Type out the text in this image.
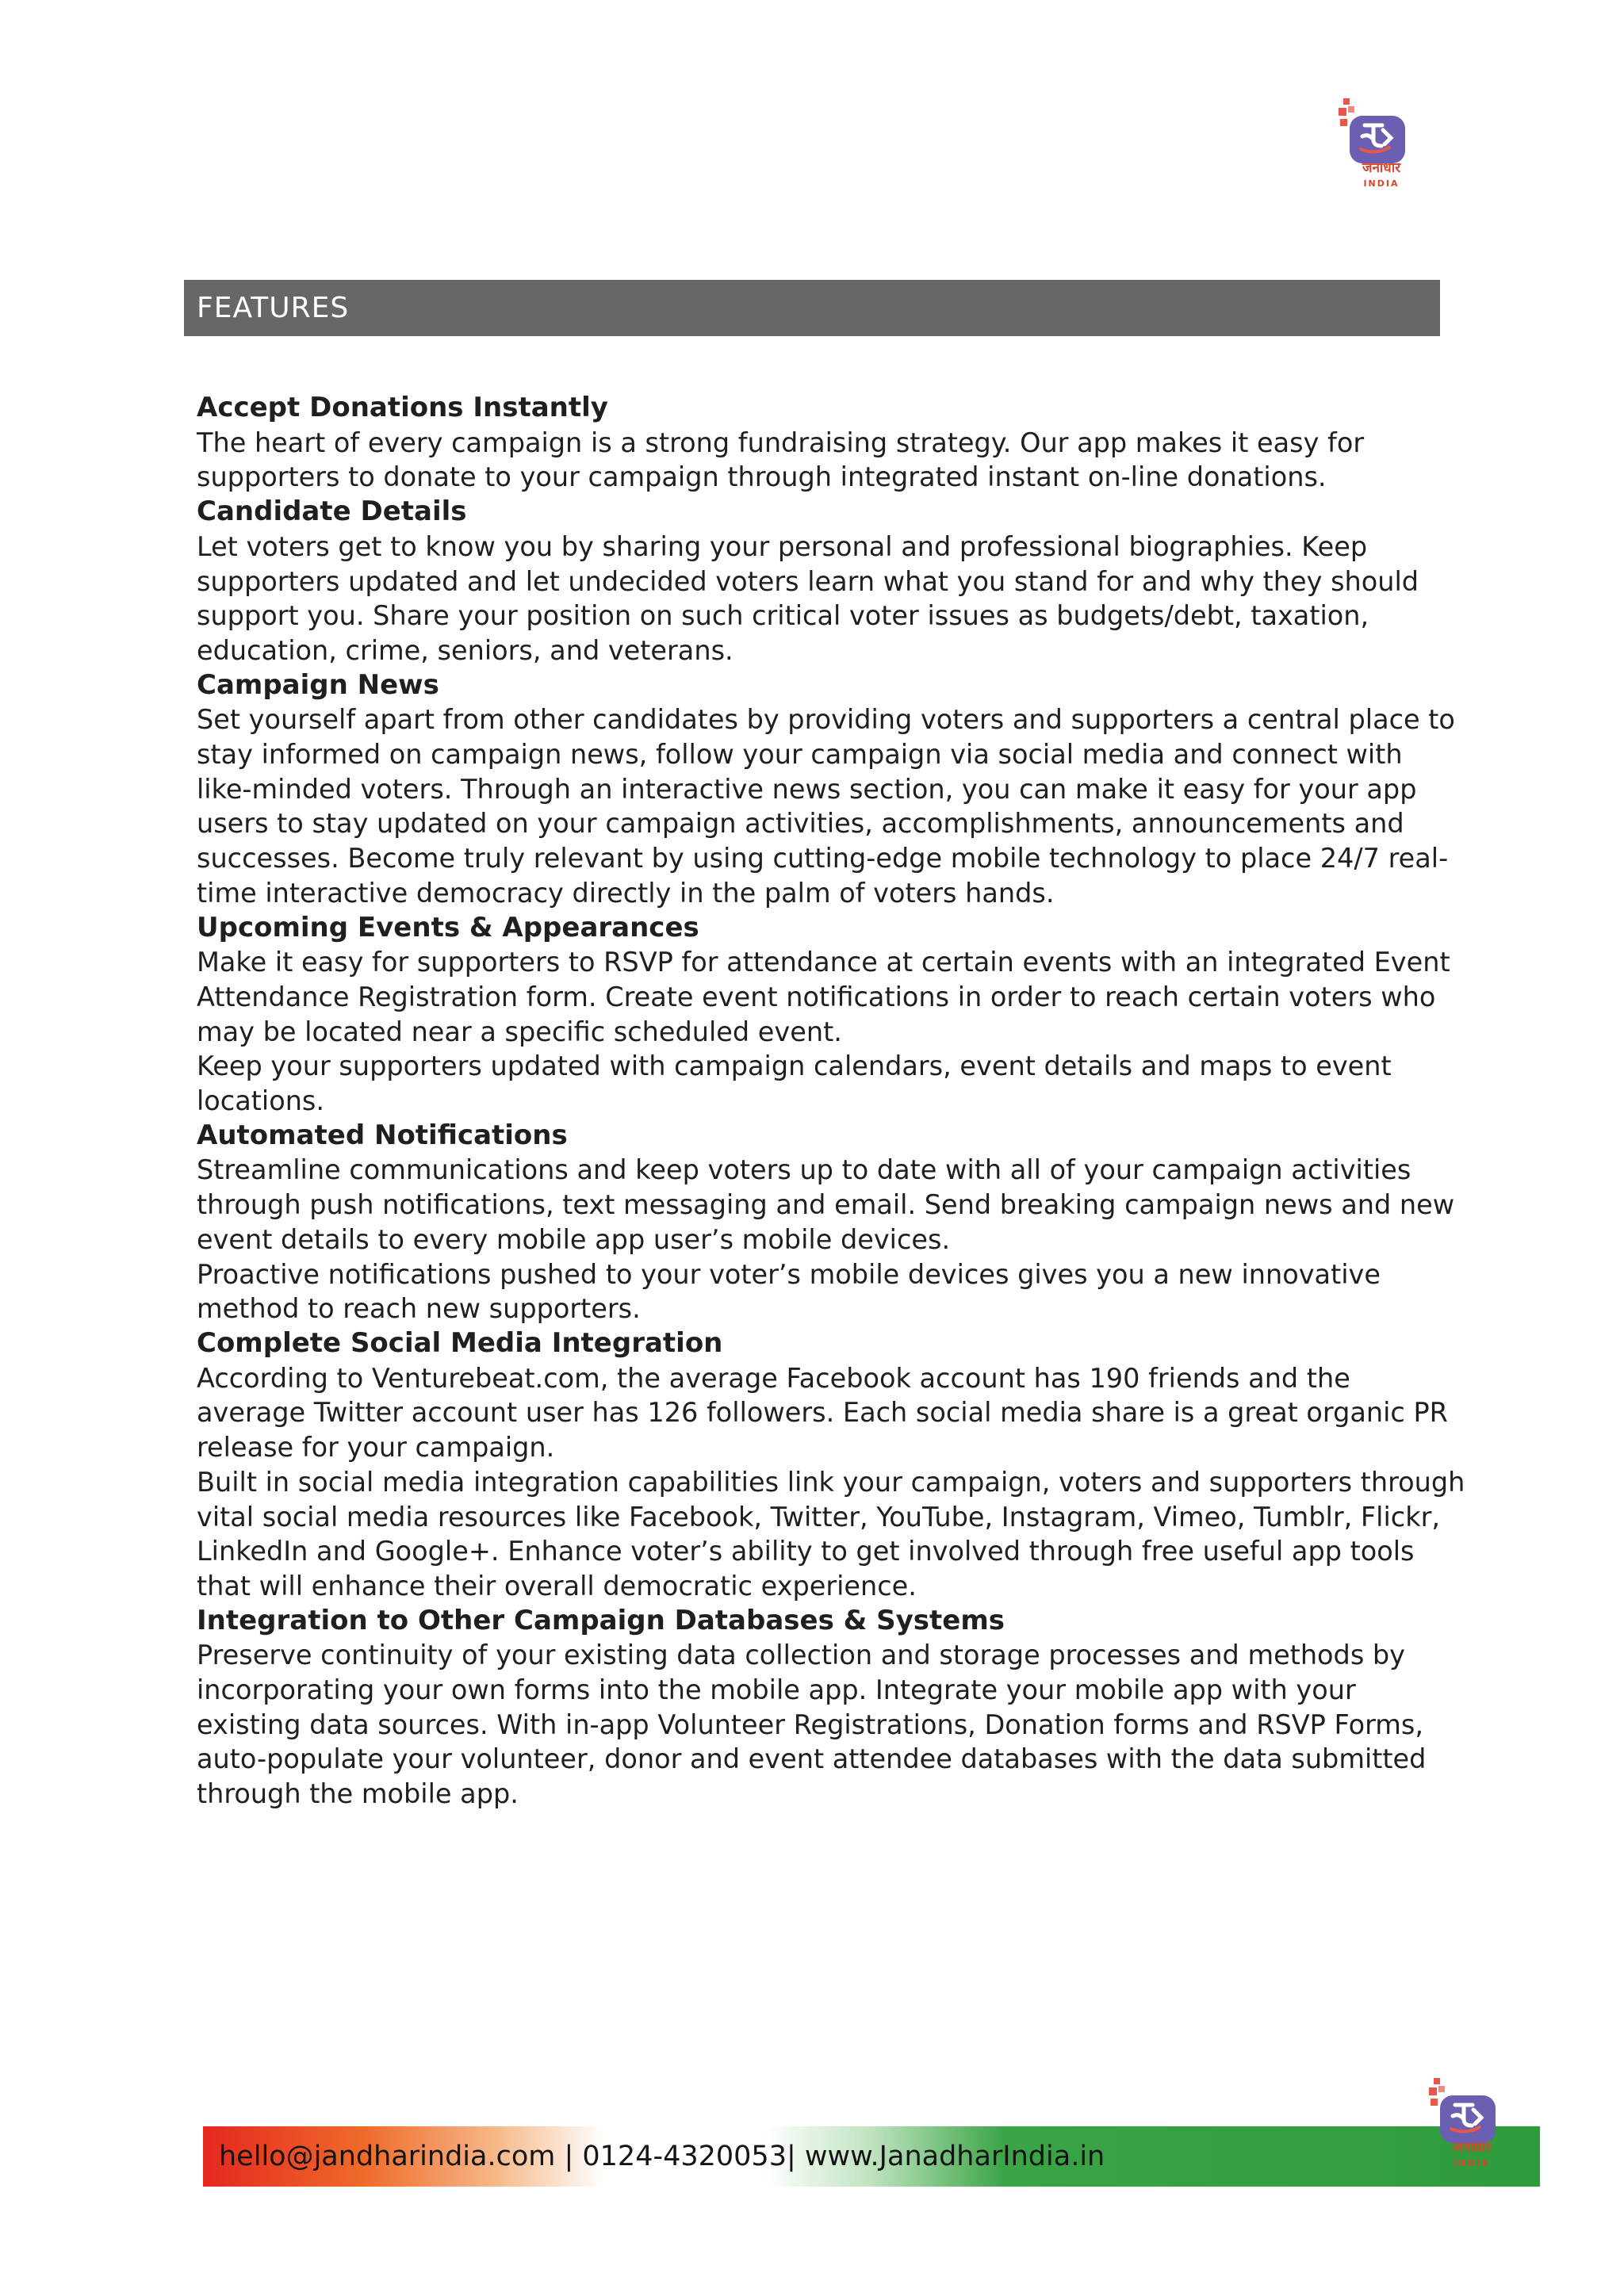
जनाधार
INDIA
FEATURES

Accept Donations Instantly

The heart of every campaign is a strong fundraising strategy. Our app makes it easy for supporters to donate to your campaign through integrated instant on-line donations.

Candidate Details

Let voters get to know you by sharing your personal and professional biographies. Keep supporters updated and let undecided voters learn what you stand for and why they should support you. Share your position on such critical voter issues as budgets/debt, taxation, education, crime, seniors, and veterans.

Campaign News

Set yourself apart from other candidates by providing voters and supporters a central place to stay informed on campaign news, follow your campaign via social media and connect with like-minded voters. Through an interactive news section, you can make it easy for your app users to stay updated on your campaign activities, accomplishments, announcements and successes. Become truly relevant by using cutting-edge mobile technology to place 24/7 real-time interactive democracy directly in the palm of voters hands.

Upcoming Events & Appearances

Make it easy for supporters to RSVP for attendance at certain events with an integrated Event Attendance Registration form. Create event notifications in order to reach certain voters who may be located near a specific scheduled event.

Keep your supporters updated with campaign calendars, event details and maps to event locations.

Automated Notifications

Streamline communications and keep voters up to date with all of your campaign activities through push notifications, text messaging and email. Send breaking campaign news and new event details to every mobile app user’s mobile devices.

Proactive notifications pushed to your voter’s mobile devices gives you a new innovative method to reach new supporters.

Complete Social Media Integration

According to Venturebeat.com, the average Facebook account has 190 friends and the average Twitter account user has 126 followers. Each social media share is a great organic PR release for your campaign.

Built in social media integration capabilities link your campaign, voters and supporters through vital social media resources like Facebook, Twitter, YouTube, Instagram, Vimeo, Tumblr, Flickr, LinkedIn and Google+. Enhance voter’s ability to get involved through free useful app tools that will enhance their overall democratic experience.

Integration to Other Campaign Databases & Systems

Preserve continuity of your existing data collection and storage processes and methods by incorporating your own forms into the mobile app. Integrate your mobile app with your existing data sources. With in-app Volunteer Registrations, Donation forms and RSVP Forms, auto-populate your volunteer, donor and event attendee databases with the data submitted through the mobile app.

hello@jandharindia.com | 0124-4320053| www.JanadharIndia.in	जनाधार
INDIA
